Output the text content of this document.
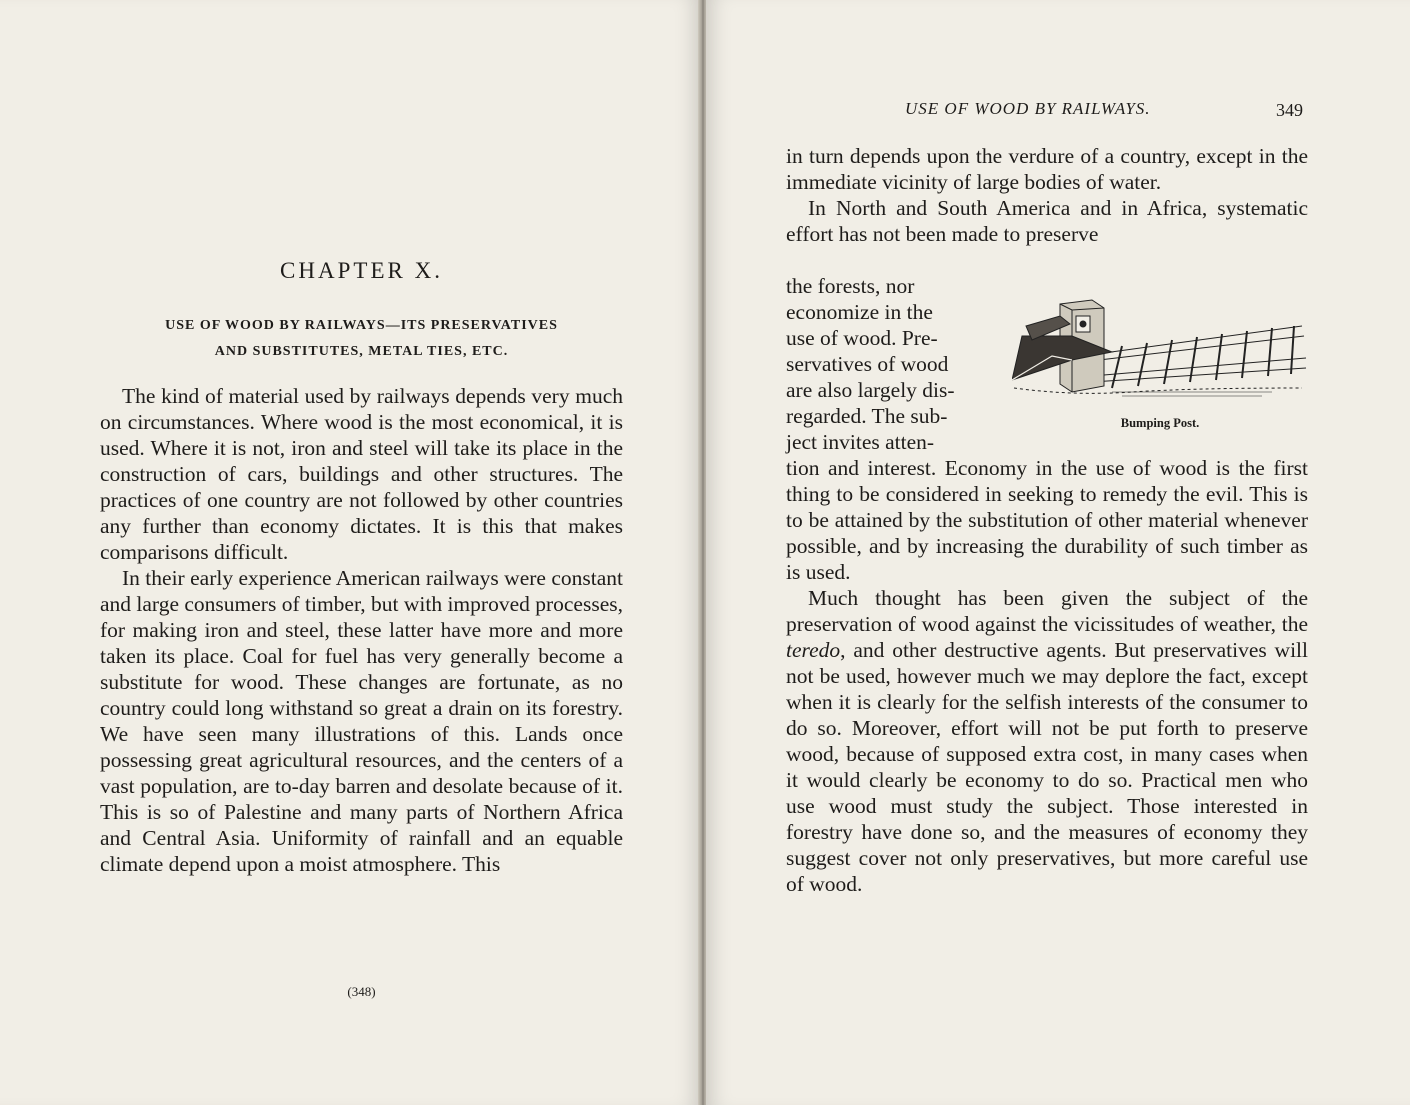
CHAPTER X.
USE OF WOOD BY RAILWAYS—ITS PRESERVATIVES
AND SUBSTITUTES, METAL TIES, ETC.

The kind of material used by railways depends very much on circumstances. Where wood is the most economical, it is used. Where it is not, iron and steel will take its place in the construction of cars, buildings and other structures. The practices of one country are not followed by other countries any further than economy dictates. It is this that makes comparisons difficult.

In their early experience American railways were constant and large consumers of timber, but with improved processes, for making iron and steel, these latter have more and more taken its place. Coal for fuel has very generally become a substitute for wood. These changes are fortunate, as no country could long withstand so great a drain on its forestry. We have seen many illustrations of this. Lands once possessing great agricultural resources, and the centers of a vast population, are to-day barren and desolate because of it. This is so of Palestine and many parts of Northern Africa and Central Asia. Uniformity of rainfall and an equable climate depend upon a moist atmosphere. This

(348)
USE OF WOOD BY RAILWAYS.	349

in turn depends upon the verdure of a country, except in the immediate vicinity of large bodies of water.

In North and South America and in Africa, systematic effort has not been made to preserve

the forests, nor
economize in the
use of wood. Pre-
servatives of wood
are also largely dis-
regarded. The sub-
ject invites atten-
Bumping Post.

tion and interest. Economy in the use of wood is the first thing to be considered in seeking to remedy the evil. This is to be attained by the substitution of other material whenever possible, and by increasing the durability of such timber as is used.

Much thought has been given the subject of the preservation of wood against the vicissitudes of weather, the teredo, and other destructive agents. But preservatives will not be used, however much we may deplore the fact, except when it is clearly for the selfish interests of the consumer to do so. Moreover, effort will not be put forth to preserve wood, because of supposed extra cost, in many cases when it would clearly be economy to do so. Practical men who use wood must study the subject. Those interested in forestry have done so, and the measures of economy they suggest cover not only preservatives, but more careful use of wood.
